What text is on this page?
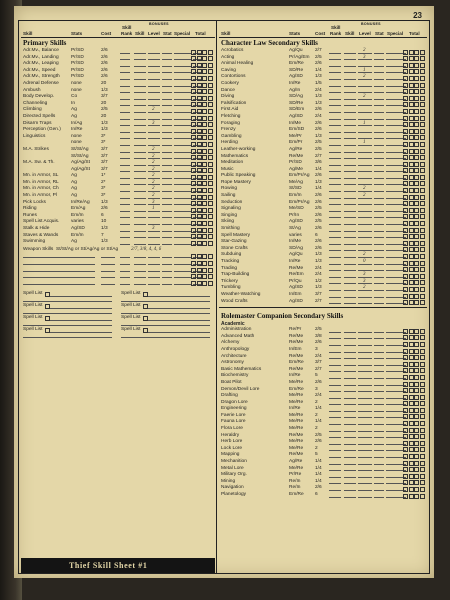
23
Skill	Stats	Cost
Skill
Rank
BONUSES
Skill Level Stat Special Total
Primary Skills
Adr.Mv., Balance	Pr/SD	2/6
Adr.Mv., Landing	Pr/SD	2/6
Adr.Mv., Leaping	Pr/SD	2/6
Adr.Mv., Speed	Pr/SD	2/6
Adr.Mv., Strength Pr/SD	2/6
Adrenal Defense	none	20
Ambush	none	1/3
Body Develop.	Co	3/7
Channeling	In	20
Climbing	Ag	2/5	2
Directed Spells	Ag	20
Disarm Traps	In/Ag	1/3	3
Perception (Gen.) In/Re	1/3
Linguistics	none	3*
none	3*
M.A. Strikes	St/St/Ag	3/7	2
St/St/Ag	3/7	2
M.A. Sw. & Th.	Ag/Ag/St 3/7	2
Ag/Ag/St 3/7	2
Mn. in Armor, SL	Ag	1*	2
Mn. in Armor, RL	Ag	2*	2
Mn. in Armor, Ch	Ag	3*	2
Mn. in Armor, Pl	Ag	3*	2
Pick Locks	In/Re/Ag 1/3	3
Riding	Em/Ag	2/6	1
Runes	Em/In	6
Spell List Acquis. varies	10
Stalk & Hide	Ag/SD	1/3	3
Staves & Wands	Em/In	7
Swimming	Ag	1/3
Weapon Skills St/St/Ag or St/Ag/Ag or St/Ag	2/7, 3/8, 4, 4, 6
Spell List	Spell List
Spell List	Spell List
Spell List	Spell List
Spell List	Spell List
Thief Skill Sheet #1
Skill	Stats	Cost
Skill
Rank
BONUSES
Skill Level Stat Special Total
Character Law Secondary Skills
Acrobatics	Ag/Qu	2/7	2
Acting	Pr/Ag/Em 2/5	3
Animal Healing	Em/Re 2/6
Caving	SD/Re 1/4	1
Contortions	Ag/SD	1/3	2
Cookery	In/Re	1/5
Dance	Ag/In	2/4
Diving	SD/Ag	1/3	2
Falsification	SD/Re 1/3
First Aid	SD/Em 2/6
Fletching	Ag/SD	2/4
Foraging	In/Me	2/6	1
Frenzy	Em/SD 2/6
Gambling	Me/Pr	1/3
Herding	Em/Pr	2/5	1
Leather-working	Ag/Re	2/5
Mathematics	Re/Me 2/7
Meditation	Pr/SD	3/6
Music	Ag/Me	1/4
Public Speaking	Em/Pr/Ag 2/6
Rope Mastery	Me/Ag	1/3
Rowing	St/SD	1/4	2
Sailing	Em/In	2/6	2
Seduction	Em/Pr/Ag 2/6
Signaling	Me/SD 2/5
Singing	Pr/In	2/6
Skiing	Ag/SD	2/5
Smithing	St/Ag	2/6
Spell Mastery	varies	6
Star-Gazing	In/Me	2/6
Stone Crafts	SD/Ag	2/6
Subduing	Ag/Qu	1/3	2
Tracking	In/Re	1/3	0
Trading	Re/Me 2/4
Trap-Building	Re/Em 2/4	3
Trickery	Pr/Qu	1/2	3
Tumbling	Ag/SD	1/3	2
Weather-Watching	In/Em	3/7
Wood Crafts	Ag/SD	2/7
Rolemaster Companion Secondary Skills
Academic
Administration	Re/Pr	2/5
Advanced Math	Re/Me 3/8
Alchemy	Re/Me 2/6
Anthropology	In/Em	3
Architecture	Re/Me 2/4
Astronomy	Em/Re 3/7
Basic Mathematics	Re/Me 2/7
Biochemistry	In/Re	5
Boat Pilot	Me/Re 2/6
Demon/Devil Lore	Em/Re 3
Drafting	Me/Re 2/4
Dragon Lore	Me/Re 2
Engineering	In/Re	1/4
Faerie Lore	Me/Re 2
Fauna Lore	Me/Re 1/4
Flora Lore	Me/Re 2
Heraldry	Re/Me 2/5
Herb Lore	Me/Re 2/6
Lock Lore	Me/Re 2
Mapping	Re/Me 5
Mechanition	Ag/Re	1/4
Metal Lore	Me/Re 1/4
Military Org.	Pr/Re	1/4
Mining	Re/In	1/4
Navigation	Re/In	2/6
Planetology	Em/Re 6
